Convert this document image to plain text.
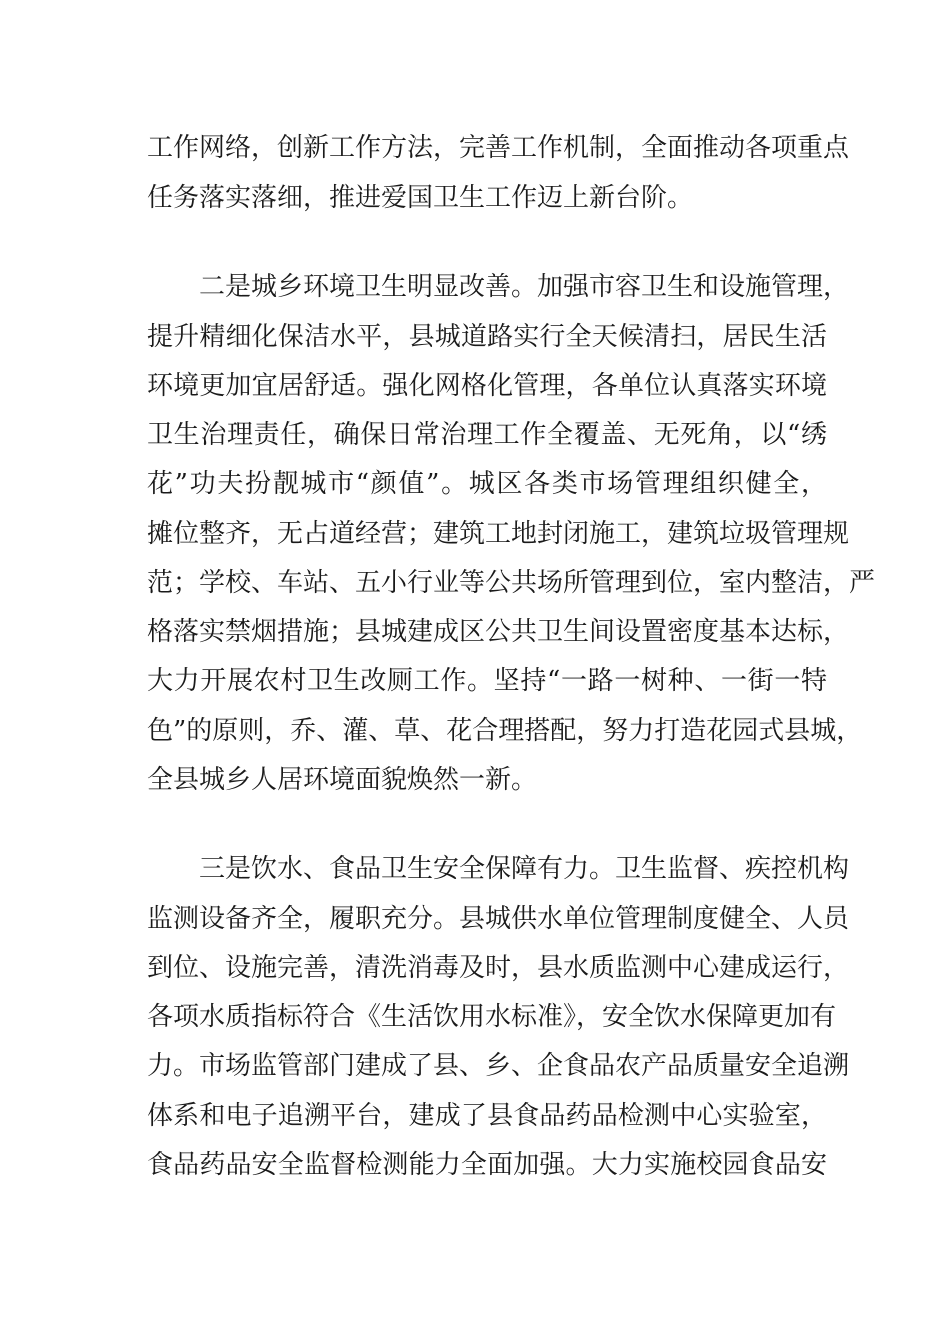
工作网络，创新工作方法，完善工作机制，全面推动各项重点
任务落实落细，推进爱国卫生工作迈上新台阶。
二是城乡环境卫生明显改善。加强市容卫生和设施管理，
提升精细化保洁水平，县城道路实行全天候清扫，居民生活
环境更加宜居舒适。强化网格化管理，各单位认真落实环境
卫生治理责任，确保日常治理工作全覆盖、无死角，以“绣
花”功夫扮靓城市“颜值”。城区各类市场管理组织健全，
摊位整齐，无占道经营；建筑工地封闭施工，建筑垃圾管理规
范；学校、车站、五小行业等公共场所管理到位，室内整洁，严
格落实禁烟措施；县城建成区公共卫生间设置密度基本达标，
大力开展农村卫生改厕工作。坚持“一路一树种、一街一特
色”的原则，乔、灌、草、花合理搭配，努力打造花园式县城，
全县城乡人居环境面貌焕然一新。
三是饮水、食品卫生安全保障有力。卫生监督、疾控机构
监测设备齐全，履职充分。县城供水单位管理制度健全、人员
到位、设施完善，清洗消毒及时，县水质监测中心建成运行，
各项水质指标符合《生活饮用水标准》，安全饮水保障更加有
力。市场监管部门建成了县、乡、企食品农产品质量安全追溯
体系和电子追溯平台，建成了县食品药品检测中心实验室，
食品药品安全监督检测能力全面加强。大力实施校园食品安
